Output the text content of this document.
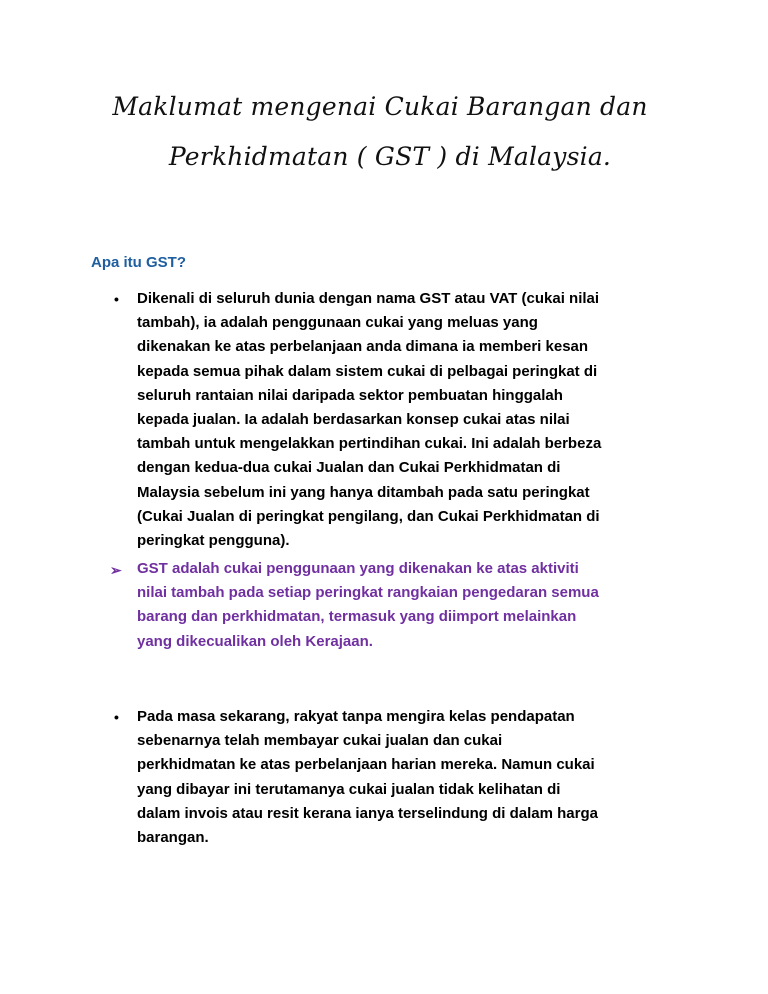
Maklumat mengenai Cukai Barangan dan
Perkhidmatan ( GST ) di Malaysia.
Apa itu GST?
• Dikenali di seluruh dunia dengan nama GST atau VAT (cukai nilai
tambah), ia adalah penggunaan cukai yang meluas yang
dikenakan ke atas perbelanjaan anda dimana ia memberi kesan
kepada semua pihak dalam sistem cukai di pelbagai peringkat di
seluruh rantaian nilai daripada sektor pembuatan hinggalah
kepada jualan. Ia adalah berdasarkan konsep cukai atas nilai
tambah untuk mengelakkan pertindihan cukai. Ini adalah berbeza
dengan kedua-dua cukai Jualan dan Cukai Perkhidmatan di
Malaysia sebelum ini yang hanya ditambah pada satu peringkat
(Cukai Jualan di peringkat pengilang, dan Cukai Perkhidmatan di
peringkat pengguna).
➢ GST adalah cukai penggunaan yang dikenakan ke atas aktiviti
nilai tambah pada setiap peringkat rangkaian pengedaran semua
barang dan perkhidmatan, termasuk yang diimport melainkan
yang dikecualikan oleh Kerajaan.
• Pada masa sekarang, rakyat tanpa mengira kelas pendapatan
sebenarnya telah membayar cukai jualan dan cukai
perkhidmatan ke atas perbelanjaan harian mereka. Namun cukai
yang dibayar ini terutamanya cukai jualan tidak kelihatan di
dalam invois atau resit kerana ianya terselindung di dalam harga
barangan.
